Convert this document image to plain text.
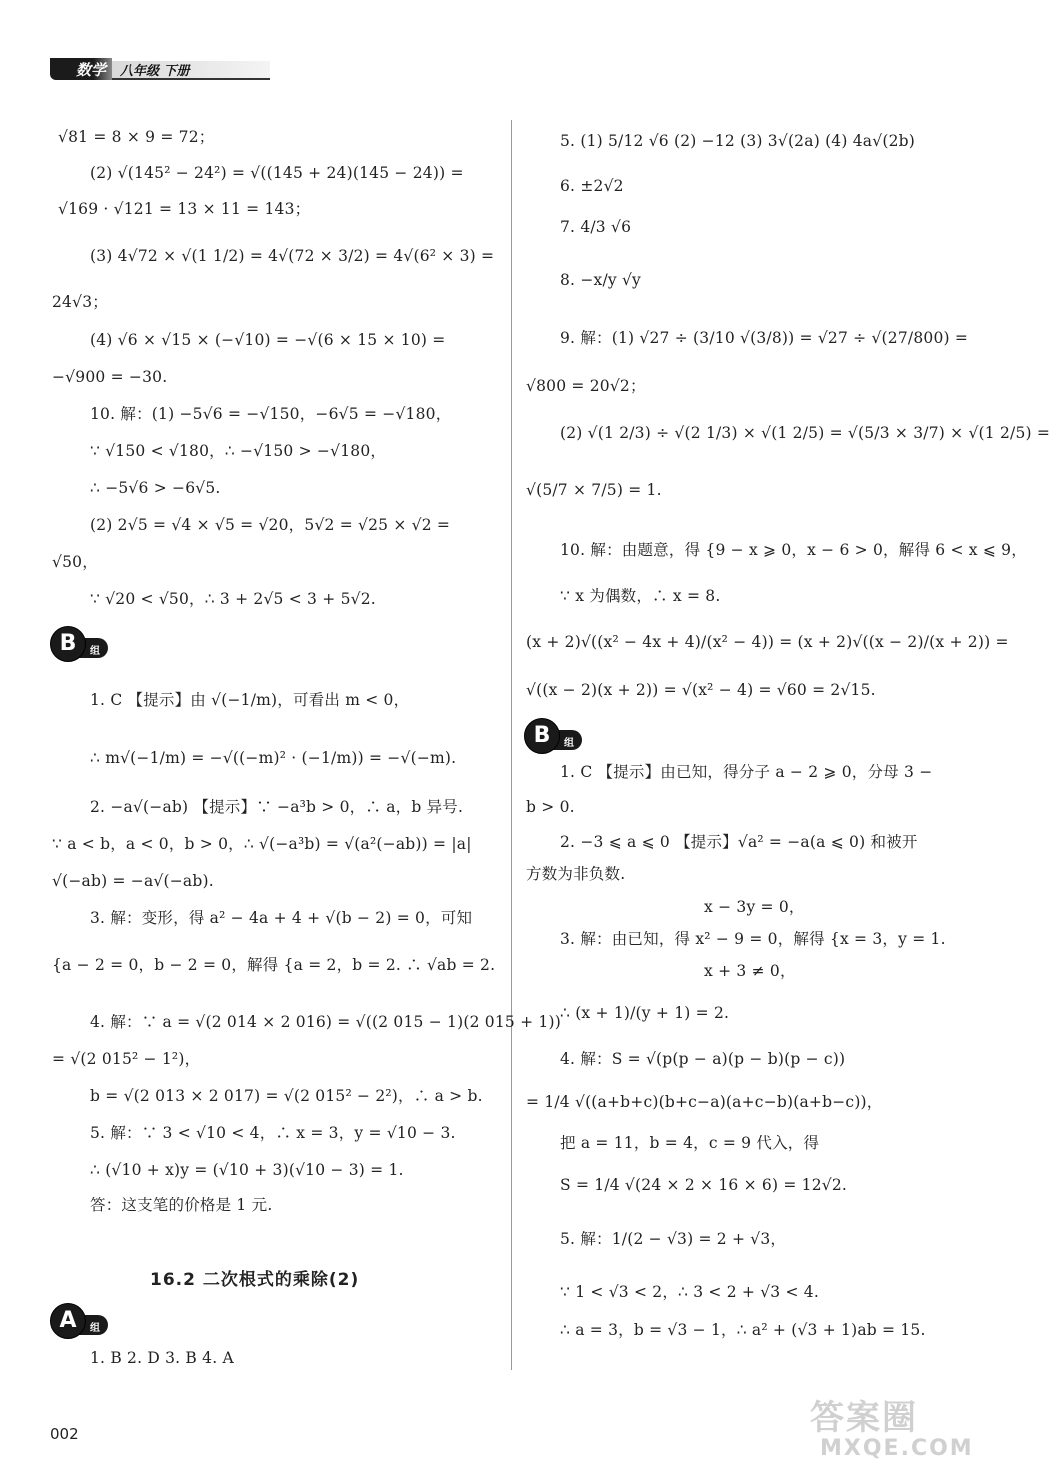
数学 八年级 下册
√81 = 8 × 9 = 72；
(2) √(145² − 24²) = √((145 + 24)(145 − 24)) =
√169 · √121 = 13 × 11 = 143；
(3) 4√72 × √(1 1/2) = 4√(72 × 3/2) = 4√(6² × 3) =
24√3；
(4) √6 × √15 × (−√10) = −√(6 × 15 × 10) =
−√900 = −30.
10. 解：(1) −5√6 = −√150，−6√5 = −√180，
∵ √150 < √180，∴ −√150 > −√180，
∴ −5√6 > −6√5.
(2) 2√5 = √4 × √5 = √20，5√2 = √25 × √2 =
√50，
∵ √20 < √50，∴ 3 + 2√5 < 3 + 5√2.
B	组
1. C 【提示】由 √(−1/m)，可看出 m < 0，
∴ m√(−1/m) = −√((−m)² · (−1/m)) = −√(−m).
2. −a√(−ab) 【提示】∵ −a³b > 0，∴ a，b 异号.
∵ a < b，a < 0，b > 0，∴ √(−a³b) = √(a²(−ab)) = |a|
√(−ab) = −a√(−ab).
3. 解：变形，得 a² − 4a + 4 + √(b − 2) = 0，可知
{a − 2 = 0，b − 2 = 0，解得 {a = 2，b = 2. ∴ √ab = 2.
4. 解：∵ a = √(2 014 × 2 016) = √((2 015 − 1)(2 015 + 1))
= √(2 015² − 1²)，
b = √(2 013 × 2 017) = √(2 015² − 2²)，∴ a > b.
5. 解：∵ 3 < √10 < 4，∴ x = 3，y = √10 − 3.
∴ (√10 + x)y = (√10 + 3)(√10 − 3) = 1.
答：这支笔的价格是 1 元.
A	组
1. B 2. D 3. B 4. A
16.2 二次根式的乘除(2)
5. (1) 5/12 √6 (2) −12 (3) 3√(2a) (4) 4a√(2b)
6. ±2√2
7. 4/3 √6
8. −x/y √y
9. 解：(1) √27 ÷ (3/10 √(3/8)) = √27 ÷ √(27/800) =
√800 = 20√2；
(2) √(1 2/3) ÷ √(2 1/3) × √(1 2/5) = √(5/3 × 3/7) × √(1 2/5) =
√(5/7 × 7/5) = 1.
10. 解：由题意，得 {9 − x ⩾ 0，x − 6 > 0，解得 6 < x ⩽ 9，
∵ x 为偶数，∴ x = 8.
(x + 2)√((x² − 4x + 4)/(x² − 4)) = (x + 2)√((x − 2)/(x + 2)) =
√((x − 2)(x + 2)) = √(x² − 4) = √60 = 2√15.
B	组
1. C 【提示】由已知，得分子 a − 2 ⩾ 0，分母 3 −
b > 0.
2. −3 ⩽ a ⩽ 0 【提示】√a² = −a(a ⩽ 0) 和被开
方数为非负数.
x − 3y = 0，
3. 解：由已知，得 x² − 9 = 0，解得 {x = 3，y = 1.
x + 3 ≠ 0，
∴ (x + 1)/(y + 1) = 2.
4. 解：S = √(p(p − a)(p − b)(p − c))
= 1/4 √((a+b+c)(b+c−a)(a+c−b)(a+b−c))，
把 a = 11，b = 4，c = 9 代入，得
S = 1/4 √(24 × 2 × 16 × 6) = 12√2.
5. 解：1/(2 − √3) = 2 + √3，
∵ 1 < √3 < 2，∴ 3 < 2 + √3 < 4.
∴ a = 3，b = √3 − 1，∴ a² + (√3 + 1)ab = 15.
002	答案圈
MXQE.COM
